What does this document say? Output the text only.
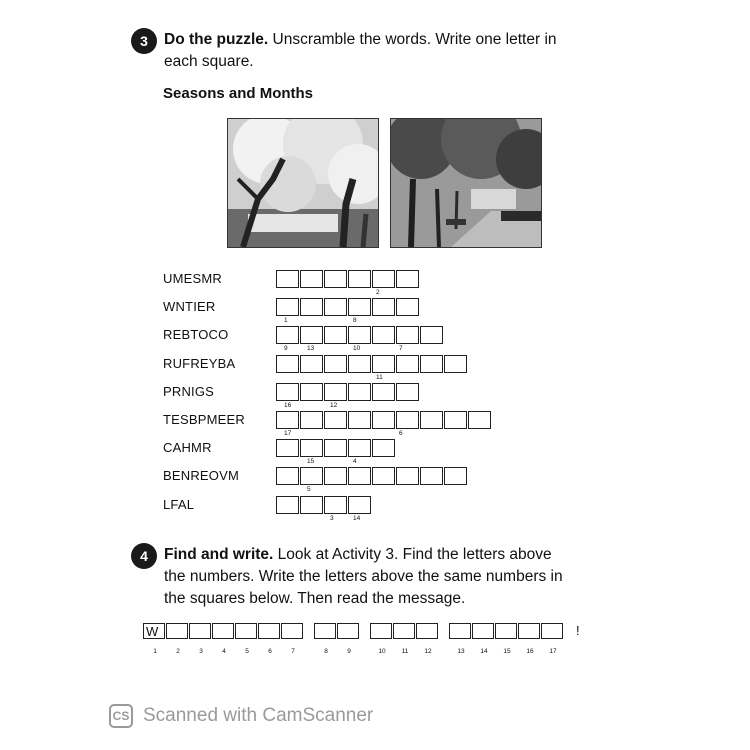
3 Do the puzzle. Unscramble the words. Write one letter in
each square.
Seasons and Months
UMESMR
2
WNTIER
1	8
REBTOCO
9	13	10	7
RUFREYBA
11
PRNIGS
16	12
TESBPMEER
17	6
CAHMR
15	4
BENREOVM
5
LFAL
3	14
4 Find and write. Look at Activity 3. Find the letters above
the numbers. Write the letters above the same numbers in
the squares below. Then read the message.
W
1	2	3	4	5	6	7	8	9	10	11	12	13	14	15	16	17
!
CS Scanned with CamScanner
